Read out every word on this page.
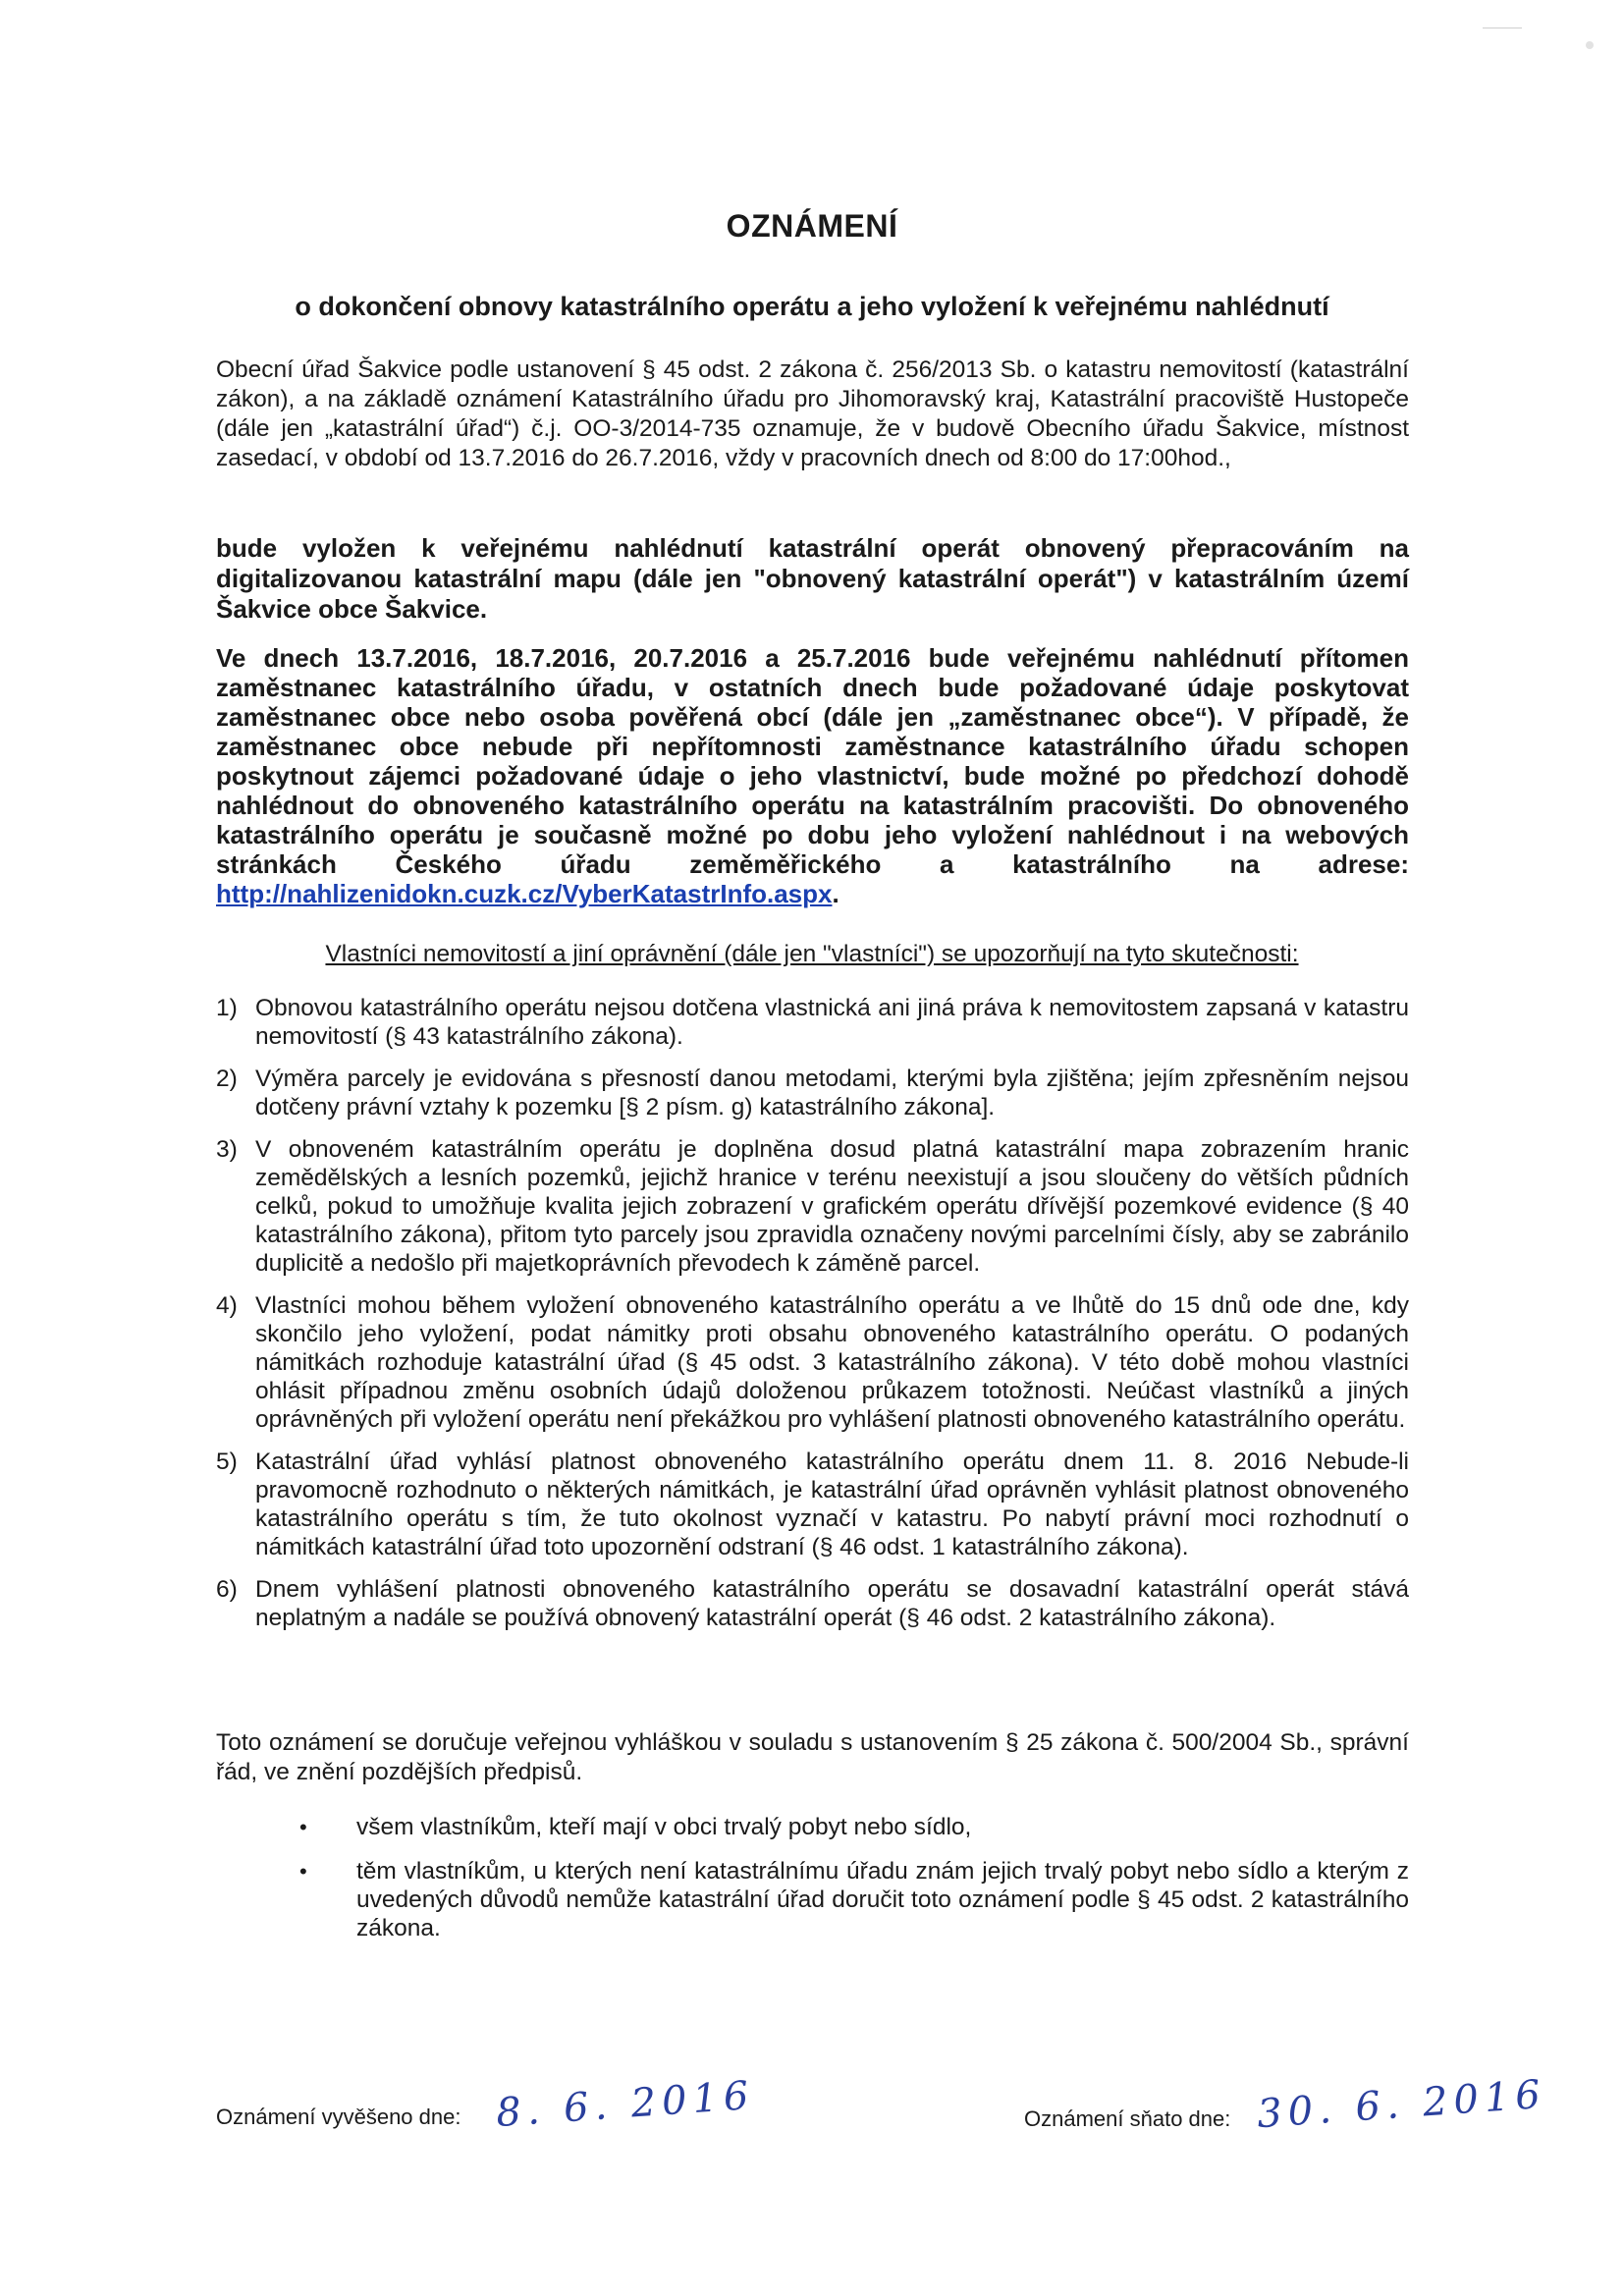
OZNÁMENÍ
o dokončení obnovy katastrálního operátu a jeho vyložení k veřejnému nahlédnutí

Obecní úřad Šakvice podle ustanovení § 45 odst. 2 zákona č. 256/2013 Sb. o katastru nemovitostí (katastrální zákon), a na základě oznámení Katastrálního úřadu pro Jihomoravský kraj, Katastrální pracoviště Hustopeče (dále jen „katastrální úřad“) č.j. OO-3/2014-735 oznamuje, že v budově Obecního úřadu Šakvice, místnost zasedací, v období od 13.7.2016 do 26.7.2016, vždy v pracovních dnech od 8:00 do 17:00hod.,

bude vyložen k veřejnému nahlédnutí katastrální operát obnovený přepracováním na digitalizovanou katastrální mapu (dále jen "obnovený katastrální operát") v katastrálním území Šakvice obce Šakvice.

Ve dnech 13.7.2016, 18.7.2016, 20.7.2016 a 25.7.2016 bude veřejnému nahlédnutí přítomen zaměstnanec katastrálního úřadu, v ostatních dnech bude požadované údaje poskytovat zaměstnanec obce nebo osoba pověřená obcí (dále jen „zaměstnanec obce“). V případě, že zaměstnanec obce nebude při nepřítomnosti zaměstnance katastrálního úřadu schopen poskytnout zájemci požadované údaje o jeho vlastnictví, bude možné po předchozí dohodě nahlédnout do obnoveného katastrálního operátu na katastrálním pracovišti. Do obnoveného katastrálního operátu je současně možné po dobu jeho vyložení nahlédnout i na webových stránkách Českého úřadu zeměměřického a katastrálního na adrese: http://nahlizenidokn.cuzk.cz/VyberKatastrInfo.aspx.

Vlastníci nemovitostí a jiní oprávnění (dále jen "vlastníci") se upozorňují na tyto skutečnosti:
1) Obnovou katastrálního operátu nejsou dotčena vlastnická ani jiná práva k nemovitostem zapsaná v katastru nemovitostí (§ 43 katastrálního zákona).
2) Výměra parcely je evidována s přesností danou metodami, kterými byla zjištěna; jejím zpřesněním nejsou dotčeny právní vztahy k pozemku [§ 2 písm. g) katastrálního zákona].
3) V obnoveném katastrálním operátu je doplněna dosud platná katastrální mapa zobrazením hranic zemědělských a lesních pozemků, jejichž hranice v terénu neexistují a jsou sloučeny do větších půdních celků, pokud to umožňuje kvalita jejich zobrazení v grafickém operátu dřívější pozemkové evidence (§ 40 katastrálního zákona), přitom tyto parcely jsou zpravidla označeny novými parcelními čísly, aby se zabránilo duplicitě a nedošlo při majetkoprávních převodech k záměně parcel.
4) Vlastníci mohou během vyložení obnoveného katastrálního operátu a ve lhůtě do 15 dnů ode dne, kdy skončilo jeho vyložení, podat námitky proti obsahu obnoveného katastrálního operátu. O podaných námitkách rozhoduje katastrální úřad (§ 45 odst. 3 katastrálního zákona). V této době mohou vlastníci ohlásit případnou změnu osobních údajů doloženou průkazem totožnosti. Neúčast vlastníků a jiných oprávněných při vyložení operátu není překážkou pro vyhlášení platnosti obnoveného katastrálního operátu.
5) Katastrální úřad vyhlásí platnost obnoveného katastrálního operátu dnem 11. 8. 2016 Nebude-li pravomocně rozhodnuto o některých námitkách, je katastrální úřad oprávněn vyhlásit platnost obnoveného katastrálního operátu s tím, že tuto okolnost vyznačí v katastru. Po nabytí právní moci rozhodnutí o námitkách katastrální úřad toto upozornění odstraní (§ 46 odst. 1 katastrálního zákona).
6) Dnem vyhlášení platnosti obnoveného katastrálního operátu se dosavadní katastrální operát stává neplatným a nadále se používá obnovený katastrální operát (§ 46 odst. 2 katastrálního zákona).

Toto oznámení se doručuje veřejnou vyhláškou v souladu s ustanovením § 25 zákona č. 500/2004 Sb., správní řád, ve znění pozdějších předpisů.

• všem vlastníkům, kteří mají v obci trvalý pobyt nebo sídlo,
• těm vlastníkům, u kterých není katastrálnímu úřadu znám jejich trvalý pobyt nebo sídlo a kterým z uvedených důvodů nemůže katastrální úřad doručit toto oznámení podle § 45 odst. 2 katastrálního zákona.
Oznámení vyvěšeno dne: 8. 6. 2016	Oznámení sňato dne: 30. 6. 2016
